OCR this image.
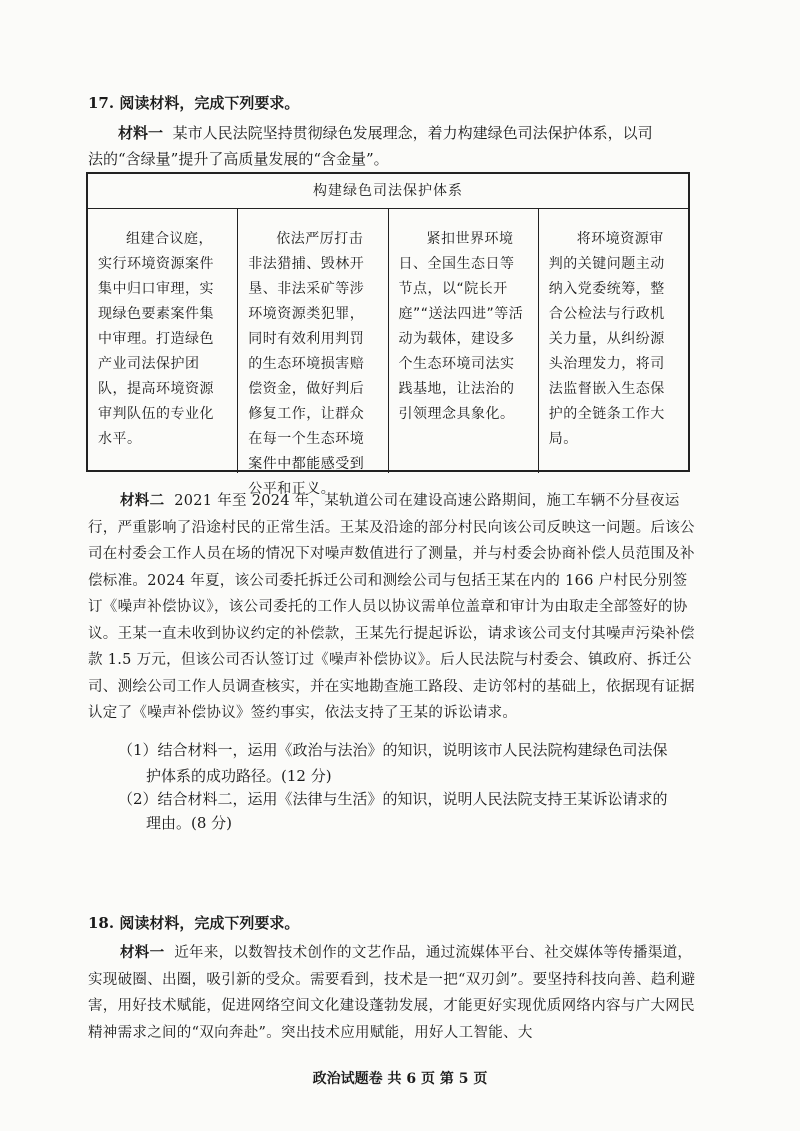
17. 阅读材料，完成下列要求。
材料一 某市人民法院坚持贯彻绿色发展理念，着力构建绿色司法保护体系，以司
法的“含绿量”提升了高质量发展的“含金量”。
构建绿色司法保护体系
组建合议庭，实行环境资源案件集中归口审理，实现绿色要素案件集中审理。打造绿色产业司法保护团队，提高环境资源审判队伍的专业化水平。
依法严厉打击非法猎捕、毁林开垦、非法采矿等涉环境资源类犯罪，同时有效利用判罚的生态环境损害赔偿资金，做好判后修复工作，让群众在每一个生态环境案件中都能感受到公平和正义。
紧扣世界环境日、全国生态日等节点，以“院长开庭”“送法四进”等活动为载体，建设多个生态环境司法实践基地，让法治的引领理念具象化。
将环境资源审判的关键问题主动纳入党委统筹，整合公检法与行政机关力量，从纠纷源头治理发力，将司法监督嵌入生态保护的全链条工作大局。
材料二 2021 年至 2024 年，某轨道公司在建设高速公路期间，施工车辆不分昼夜运行，严重影响了沿途村民的正常生活。王某及沿途的部分村民向该公司反映这一问题。后该公司在村委会工作人员在场的情况下对噪声数值进行了测量，并与村委会协商补偿人员范围及补偿标准。2024 年夏，该公司委托拆迁公司和测绘公司与包括王某在内的 166 户村民分别签订《噪声补偿协议》，该公司委托的工作人员以协议需单位盖章和审计为由取走全部签好的协议。王某一直未收到协议约定的补偿款，王某先行提起诉讼，请求该公司支付其噪声污染补偿款 1.5 万元，但该公司否认签订过《噪声补偿协议》。后人民法院与村委会、镇政府、拆迁公司、测绘公司工作人员调查核实，并在实地勘查施工路段、走访邻村的基础上，依据现有证据认定了《噪声补偿协议》签约事实，依法支持了王某的诉讼请求。
（1）结合材料一，运用《政治与法治》的知识，说明该市人民法院构建绿色司法保
护体系的成功路径。(12 分)
（2）结合材料二，运用《法律与生活》的知识，说明人民法院支持王某诉讼请求的
理由。(8 分)
18. 阅读材料，完成下列要求。
材料一 近年来，以数智技术创作的文艺作品，通过流媒体平台、社交媒体等传播渠道，实现破圈、出圈，吸引新的受众。需要看到，技术是一把“双刃剑”。要坚持科技向善、趋利避害，用好技术赋能，促进网络空间文化建设蓬勃发展，才能更好实现优质网络内容与广大网民精神需求之间的“双向奔赴”。突出技术应用赋能，用好人工智能、大
政治试题卷 共 6 页 第 5 页
